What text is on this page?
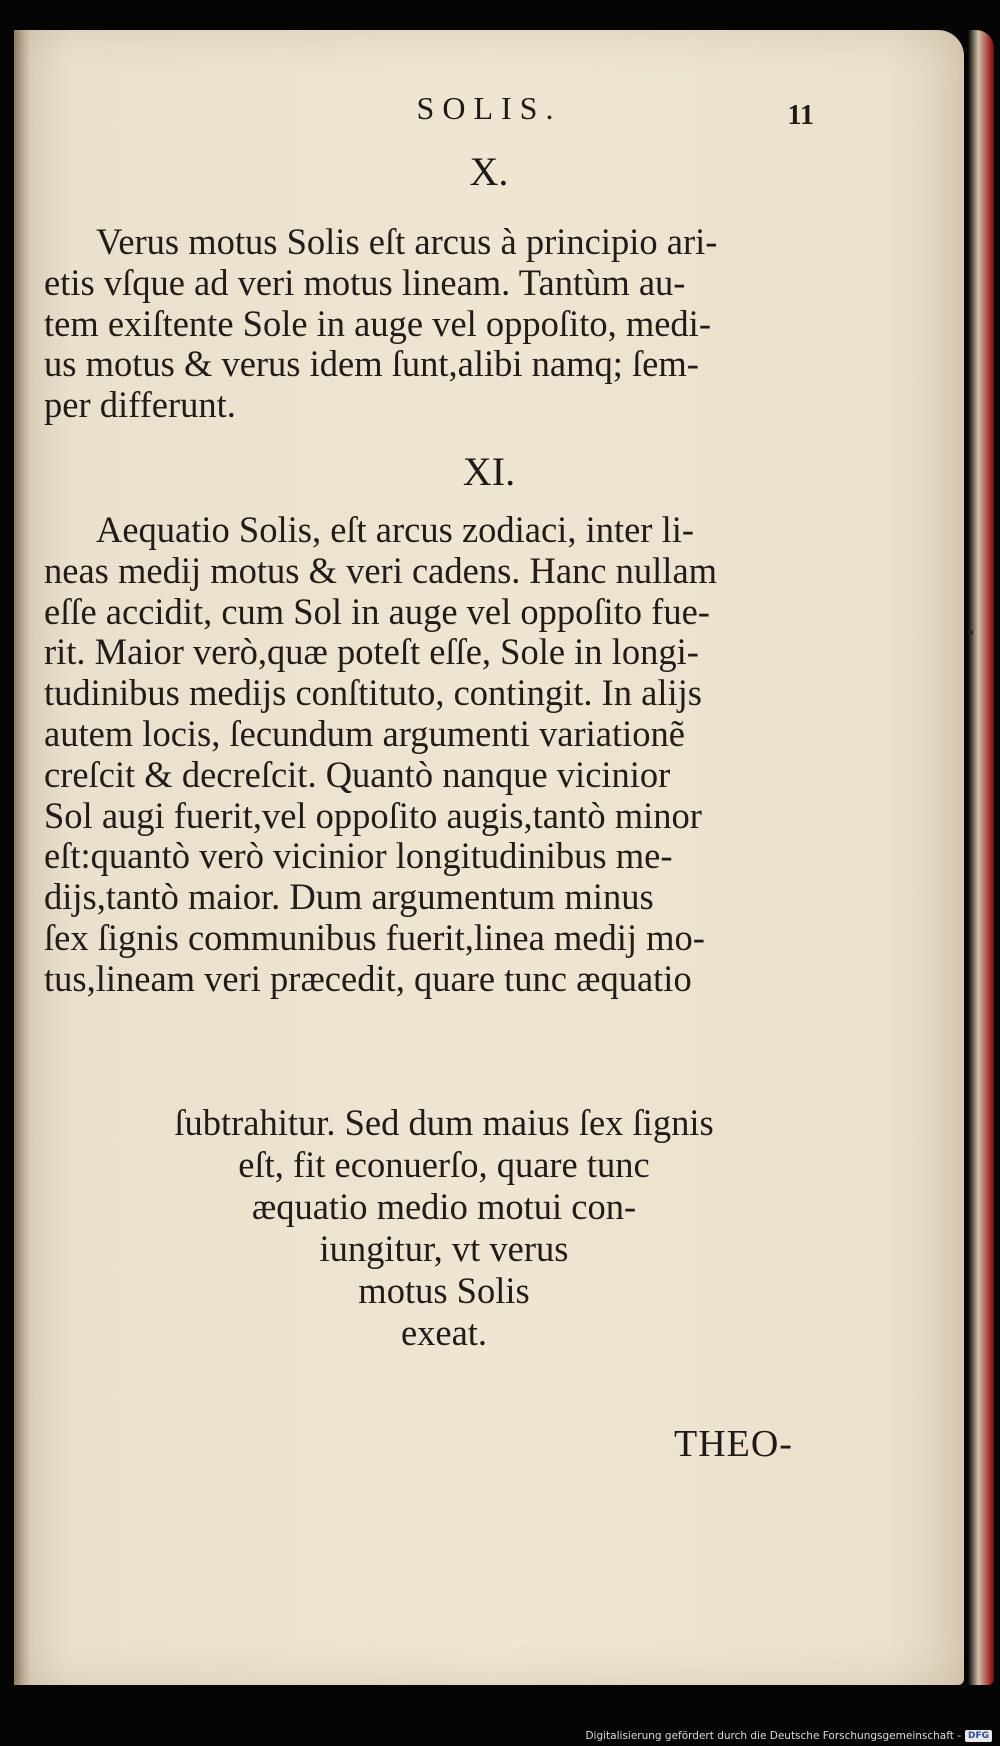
SOLIS.	11
X.
Verus motus Solis eſt arcus à principio ari-
etis vſque ad veri motus lineam. Tantùm au-
tem exiſtente Sole in auge vel oppoſito, medi-
us motus & verus idem ſunt,alibi namq; ſem-
per differunt.
XI.
Aequatio Solis, eſt arcus zodiaci, inter li-
neas medij motus & veri cadens. Hanc nullam
eſſe accidit, cum Sol in auge vel oppoſito fue-
rit. Maior verò,quæ poteſt eſſe, Sole in longi-
tudinibus medijs conſtituto, contingit. In alijs
autem locis, ſecundum argumenti variationẽ
creſcit & decreſcit. Quantò nanque vicinior
Sol augi fuerit,vel oppoſito augis,tantò minor
eſt:quantò verò vicinior longitudinibus me-
dijs,tantò maior. Dum argumentum minus
ſex ſignis communibus fuerit,linea medij mo-
tus,lineam veri præcedit, quare tunc æquatio
ſubtrahitur. Sed dum maius ſex ſignis
eſt, fit econuerſo, quare tunc
æquatio medio motui con-
iungitur, vt verus
motus Solis
exeat.
THEO-
Digitalisierung gefördert durch die Deutsche Forschungsgemeinschaft - DFG
